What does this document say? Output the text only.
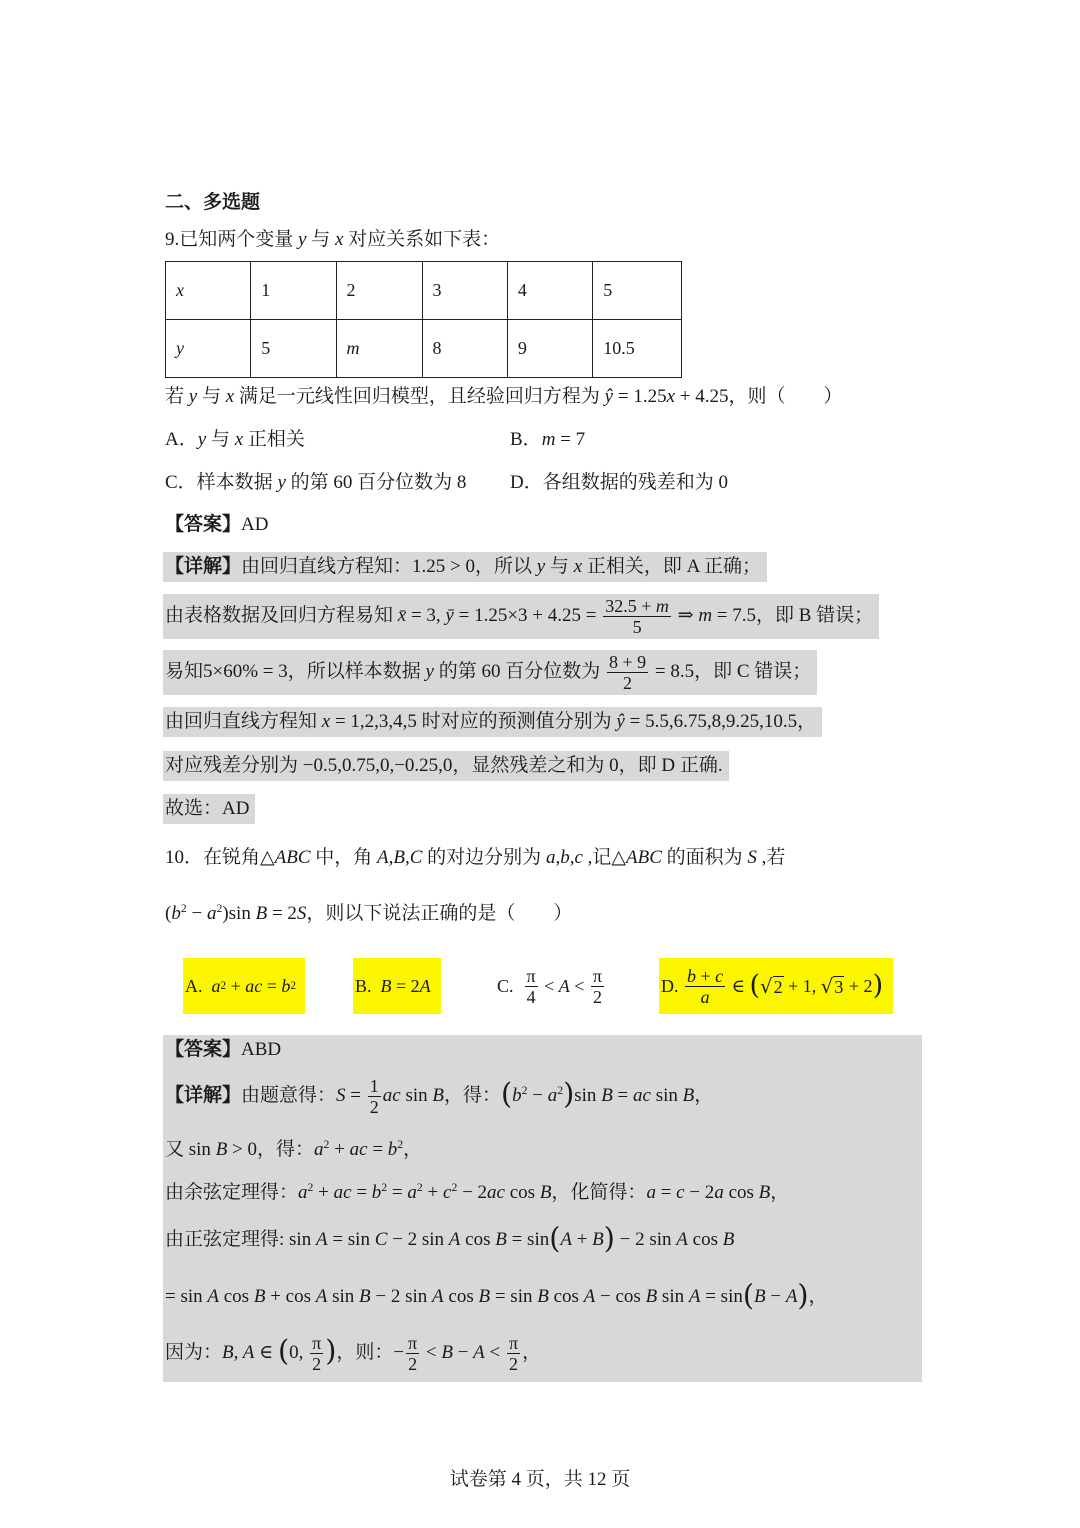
二、多选题
9.已知两个变量 y 与 x 对应关系如下表：
x	1	2	3	4	5
y	5	m	8	9	10.5
若 y 与 x 满足一元线性回归模型，且经验回归方程为 ŷ = 1.25x + 4.25，则（　　）
A．y 与 x 正相关	B．m = 7
C．样本数据 y 的第 60 百分位数为 8 D．各组数据的残差和为 0
【答案】AD
【详解】由回归直线方程知：1.25 > 0，所以 y 与 x 正相关，即 A 正确；
由表格数据及回归方程易知 x̄ = 3, ȳ = $1.25\times 3 + 4.25 = \frac{32.5 + m}{5}$ ⇒ m = 7.5，即 B 错误；
易知5×60% = 3，所以样本数据 y 的第 60 百分位数为 $\frac{8 + 9}{2} = 8.5$，即 C 错误；
由回归直线方程知 x = 1,2,3,4,5 时对应的预测值分别为 ŷ = 5.5,6.75,8,9.25,10.5，
对应残差分别为 −0.5,0.75,0,−0.25,0，显然残差之和为 0，即 D 正确.
故选：AD
10．在锐角△ABC 中，角 A,B,C 的对边分别为 a,b,c ,记△ABC 的面积为 S ,若
$(b^2 - a^2)\sin$ B = 2S，则以下说法正确的是（　　）
A. a 2 + ac = b 2	B. B = 2 A	C. $\frac{\pi}{4} < A < \frac{\pi}{2}$	D. $\frac{b + c}{a}$ ∈ ( √2 + 1, √3 + 2 )
【答案】ABD
【详解】由题意得：$S = \frac{1}{2}$ ac sin B，得：$(b^2 - a^2)\sin$ B = ac sin B，
又 sin B > 0，得：$a^2$ + ac = $b^2$，
由余弦定理得：$a^2$ + ac = $b^2 = a^2 + c^2 - 2ac$ cos B，化简得：a = c − 2a cos B，
由正弦定理得: sin A = sin C − 2 sin A cos B = sin(A + B) − 2 sin A cos B
= sin A cos B + cos A sin B − 2 sin A cos B = sin B cos A − cos B sin A = sin(B − A)，
因为：B, A ∈ (0, $\frac{\pi}{2}$ )，则：− $\frac{\pi}{2} < B - A < \frac{\pi}{2}$ ，
试卷第 4 页，共 12 页
